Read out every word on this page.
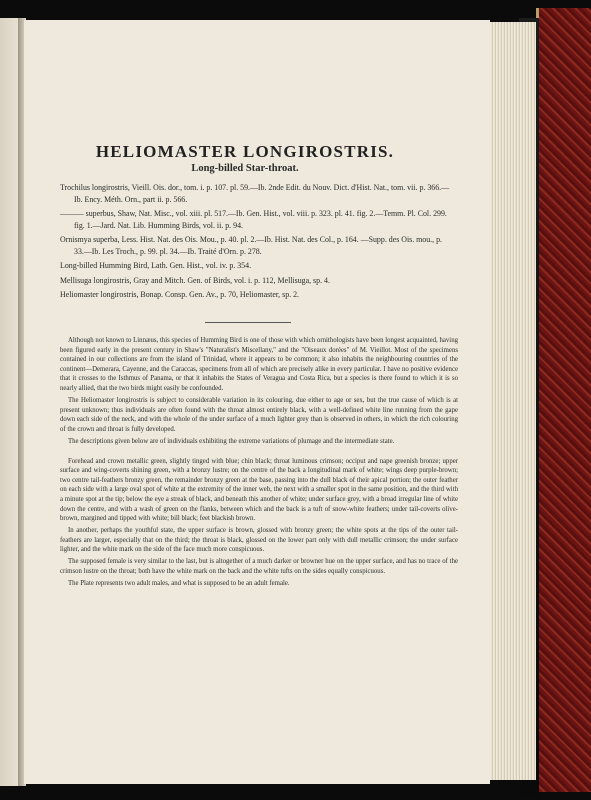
HELIOMASTER LONGIROSTRIS.
Long-billed Star-throat.

Trochilus longirostris, Vieill. Ois. dor., tom. i. p. 107. pl. 59.—Ib. 2nde Edit. du Nouv. Dict. d'Hist. Nat., tom. vii. p. 366.—Ib. Ency. Méth. Orn., part ii. p. 566.

——— superbus, Shaw, Nat. Misc., vol. xiii. pl. 517.—Ib. Gen. Hist., vol. viii. p. 323. pl. 41. fig. 2.—Temm. Pl. Col. 299. fig. 1.—Jard. Nat. Lib. Humming Birds, vol. ii. p. 94.

Ornismya superba, Less. Hist. Nat. des Ois. Mou., p. 40. pl. 2.—Ib. Hist. Nat. des Col., p. 164. —Supp. des Ois. mou., p. 33.—Ib. Les Troch., p. 99. pl. 34.—Ib. Traité d'Orn. p. 278.

Long-billed Humming Bird, Lath. Gen. Hist., vol. iv. p. 354.

Mellisuga longirostris, Gray and Mitch. Gen. of Birds, vol. i. p. 112, Mellisuga, sp. 4.

Heliomaster longirostris, Bonap. Consp. Gen. Av., p. 70, Heliomaster, sp. 2.

Although not known to Linnæus, this species of Humming Bird is one of those with which ornithologists have been longest acquainted, having been figured early in the present century in Shaw's "Naturalist's Miscellany," and the "Oiseaux dorées" of M. Vieillot. Most of the specimens contained in our collections are from the island of Trinidad, where it appears to be common; it also inhabits the neighbouring countries of the continent—Demerara, Cayenne, and the Caraccas, specimens from all of which are precisely alike in every particular. I have no positive evidence that it crosses to the Isthmus of Panama, or that it inhabits the States of Veragua and Costa Rica, but a species is there found to which it is so nearly allied, that the two birds might easily be confounded.

The Heliomaster longirostris is subject to considerable variation in its colouring, due either to age or sex, but the true cause of which is at present unknown; thus individuals are often found with the throat almost entirely black, with a well-defined white line running from the gape down each side of the neck, and with the whole of the under surface of a much lighter grey than is observed in others, in which the rich colouring of the crown and throat is fully developed.

The descriptions given below are of individuals exhibiting the extreme variations of plumage and the intermediate state.

Forehead and crown metallic green, slightly tinged with blue; chin black; throat luminous crimson; occiput and nape greenish bronze; upper surface and wing-coverts shining green, with a bronzy lustre; on the centre of the back a longitudinal mark of white; wings deep purple-brown; two centre tail-feathers bronzy green, the remainder bronzy green at the base, passing into the dull black of their apical portion; the outer feather on each side with a large oval spot of white at the extremity of the inner web, the next with a smaller spot in the same position, and the third with a minute spot at the tip; below the eye a streak of black, and beneath this another of white; under surface grey, with a broad irregular line of white down the centre, and with a wash of green on the flanks, between which and the back is a tuft of snow-white feathers; under tail-coverts olive-brown, margined and tipped with white; bill black; feet blackish brown.

In another, perhaps the youthful state, the upper surface is brown, glossed with bronzy green; the white spots at the tips of the outer tail-feathers are larger, especially that on the third; the throat is black, glossed on the lower part only with dull metallic crimson; the under surface lighter, and the white mark on the side of the face much more conspicuous.

The supposed female is very similar to the last, but is altogether of a much darker or browner hue on the upper surface, and has no trace of the crimson lustre on the throat; both have the white mark on the back and the white tufts on the sides equally conspicuous.

The Plate represents two adult males, and what is supposed to be an adult female.
